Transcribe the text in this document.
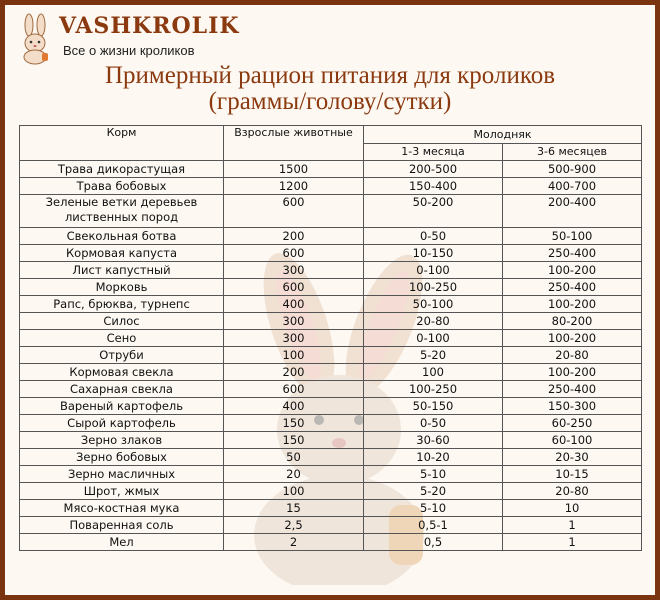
VASHKROLIK
Все о жизни кроликов
Примерный рацион питания для кроликов
(граммы/голову/сутки)
Корм	Взрослые животные	Молодняк	
		1-3 месяца	3-6 месяцев
Трава дикорастущая	1500	200-500	500-900
Трава бобовых	1200	150-400	400-700
Зеленые ветки деревьев лиственных пород	600	50-200	200-400
Свекольная ботва	200	0-50	50-100
Кормовая капуста	600	10-150	250-400
Лист капустный	300	0-100	100-200
Морковь	600	100-250	250-400
Рапс, брюква, турнепс	400	50-100	100-200
Силос	300	20-80	80-200
Сено	300	0-100	100-200
Отруби	100	5-20	20-80
Кормовая свекла	200	100	100-200
Сахарная свекла	600	100-250	250-400
Вареный картофель	400	50-150	150-300
Сырой картофель	150	0-50	60-250
Зерно злаков	150	30-60	60-100
Зерно бобовых	50	10-20	20-30
Зерно масличных	20	5-10	10-15
Шрот, жмых	100	5-20	20-80
Мясо-костная мука	15	5-10	10
Поваренная соль	2,5	0,5-1	1
Мел	2	0,5	1
